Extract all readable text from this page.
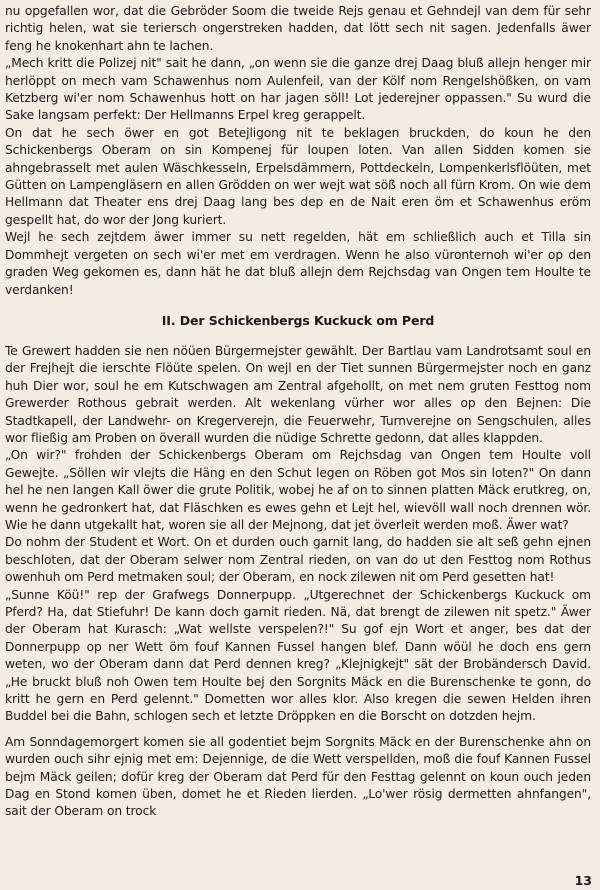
nu opgefallen wor, dat die Gebröder Soom die tweide Rejs genau et Gehndejl van dem für sehr richtig helen, wat sie teriersch ongerstreken hadden, dat lött sech nit sagen. Jedenfalls äwer feng he knokenhart ahn te lachen.

„Mech kritt die Polizej nit" sait he dann, „on wenn sie die ganze drej Daag bluß allejn henger mir herlöppt on mech vam Schawenhus nom Aulenfeil, van der Kölf nom Rengelshößken, on vam Ketzberg wi'er nom Schawenhus hott on har jagen söll! Lot jederejner oppassen." Su wurd die Sake langsam perfekt: Der Hellmanns Erpel kreg gerappelt.

On dat he sech öwer en got Betejligong nit te beklagen bruckden, do koun he den Schickenbergs Oberam on sin Kompenej für loupen loten. Van allen Sidden komen sie ahngebrasselt met aulen Wäschkesseln, Erpelsdämmern, Pottdeckeln, Lompenkerlsflöüten, met Gütten on Lampengläsern en allen Grödden on wer wejt wat söß noch all fürn Krom. On wie dem Hellmann dat Theater ens drej Daag lang bes dep en de Nait eren öm et Schawenhus eröm gespellt hat, do wor der Jong kuriert.

Wejl he sech zejtdem äwer immer su nett regelden, hät em schließlich auch et Tilla sin Dommhejt vergeten on sech wi'er met em verdragen. Wenn he also vüronternoh wi'er op den graden Weg gekomen es, dann hät he dat bluß allejn dem Rejchsdag van Ongen tem Houlte te verdanken!

II. Der Schickenbergs Kuckuck om Perd

Te Grewert hadden sie nen nöüen Bürgermejster gewählt. Der Bartlau vam Landrotsamt soul en der Frejhejt die ierschte Flöüte spelen. On wejl en der Tiet sunnen Bürgermejster noch en ganz huh Dier wor, soul he em Kutschwagen am Zentral afgehollt, on met nem gruten Festtog nom Grewerder Rothous gebrait werden. Alt wekenlang vürher wor alles op den Bejnen: Die Stadtkapell, der Landwehr- on Kregerverejn, die Feuerwehr, Turnverejne on Sengschulen, alles wor fließig am Proben on överall wurden die nüdige Schrette gedonn, dat alles klappden.

„On wir?" frohden der Schickenbergs Oberam om Rejchsdag van Ongen tem Houlte voll Gewejte. „Söllen wir vlejts die Häng en den Schut legen on Röben got Mos sin loten?" On dann hel he nen langen Kall öwer die grute Politik, wobej he af on to sinnen platten Mäck erutkreg, on, wenn he gedronkert hat, dat Fläschken es ewes gehn et Lejt hel, wievöll wall noch drennen wör. Wie he dann utgekallt hat, woren sie all der Mejnong, dat jet överleit werden moß. Äwer wat?

Do nohm der Student et Wort. On et durden ouch garnit lang, do hadden sie alt seß gehn ejnen beschloten, dat der Oberam selwer nom Zentral rieden, on van do ut den Festtog nom Rothus owenhuh om Perd metmaken soul; der Oberam, en nock zilewen nit om Perd gesetten hat!

„Sunne Köü!" rep der Grafwegs Donnerpupp. „Utgerechnet der Schickenbergs Kuckuck om Pferd? Ha, dat Stiefuhr! De kann doch garnit rieden. Nä, dat brengt de zilewen nit spetz." Äwer der Oberam hat Kurasch: „Wat wellste verspelen?!" Su gof ejn Wort et anger, bes dat der Donnerpupp op ner Wett öm fouf Kannen Fussel hangen blef. Dann wöül he doch ens gern weten, wo der Oberam dann dat Perd dennen kreg? „Klejnigkejt" sät der Brobändersch David. „He bruckt bluß noh Owen tem Houlte bej den Sorgnits Mäck en die Burenschenke te gonn, do kritt he gern en Perd gelennt." Dometten wor alles klor. Also kregen die sewen Helden ihren Buddel bei die Bahn, schlogen sech et letzte Dröppken en die Borscht on dotzden hejm.

Am Sonndagemorgert komen sie all godentiet bejm Sorgnits Mäck en der Burenschenke ahn on wurden ouch sihr ejnig met em: Dejennige, de die Wett verspellden, moß die fouf Kannen Fussel bejm Mäck geilen; dofür kreg der Oberam dat Perd für den Festtag gelennt on koun ouch jeden Dag en Stond komen üben, domet he et Rieden lierden. „Lo'wer rösig dermetten ahnfangen", sait der Oberam on trock

13
